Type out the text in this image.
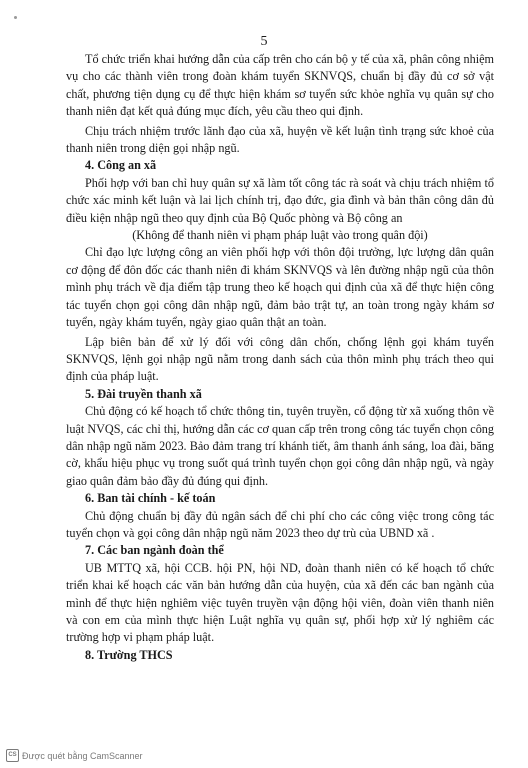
5

Tổ chức triển khai hướng dẫn của cấp trên cho cán bộ y tế của xã, phân công nhiệm vụ cho các thành viên trong đoàn khám tuyển SKNVQS, chuẩn bị đầy đủ cơ sở vật chất, phương tiện dụng cụ để thực hiện khám sơ tuyển sức khỏe nghĩa vụ quân sự cho thanh niên đạt kết quả đúng mục đích, yêu cầu theo qui định.

Chịu trách nhiệm trước lãnh đạo của xã, huyện về kết luận tình trạng sức khoẻ của thanh niên trong diện gọi nhập ngũ.

4. Công an xã

Phối hợp với ban chỉ huy quân sự xã làm tốt công tác rà soát và chịu trách nhiệm tổ chức xác minh kết luận và lai lịch chính trị, đạo đức, gia đình và bản thân công dân đủ điều kiện nhập ngũ theo quy định của Bộ Quốc phòng và Bộ công an

(Không để thanh niên vi phạm pháp luật vào trong quân đội)

Chỉ đạo lực lượng công an viên phối hợp với thôn đội trưởng, lực lượng dân quân cơ động để đôn đốc các thanh niên đi khám SKNVQS và lên đường nhập ngũ của thôn mình phụ trách về địa điểm tập trung theo kế hoạch qui định của xã để thực hiện công tác tuyển chọn gọi công dân nhập ngũ, đảm bảo trật tự, an toàn trong ngày khám sơ tuyển, ngày khám tuyển, ngày giao quân thật an toàn.

Lập biên bản để xử lý đối với công dân chốn, chống lệnh gọi khám tuyển SKNVQS, lệnh gọi nhập ngũ nằm trong danh sách của thôn mình phụ trách theo qui định của pháp luật.

5. Đài truyền thanh xã

Chủ động có kế hoạch tổ chức thông tin, tuyên truyền, cổ động từ xã xuống thôn về luật NVQS, các chỉ thị, hướng dẫn các cơ quan cấp trên trong công tác tuyển chọn công dân nhập ngũ năm 2023. Bảo đảm trang trí khánh tiết, âm thanh ánh sáng, loa đài, băng cờ, khẩu hiệu phục vụ trong suốt quá trình tuyển chọn gọi công dân nhập ngũ, và ngày giao quân đảm bảo đầy đủ đúng qui định.

6. Ban tài chính - kế toán

Chủ động chuẩn bị đầy đủ ngân sách để chi phí cho các công việc trong công tác tuyển chọn và gọi công dân nhập ngũ năm 2023 theo dự trù của UBND xã .

7. Các ban ngành đoàn thể

UB MTTQ xã, hội CCB. hội PN, hội ND, đoàn thanh niên có kế hoạch tổ chức triển khai kế hoạch các văn bản hướng dẫn của huyện, của xã đến các ban ngành của mình để thực hiện nghiêm việc tuyên truyền vận động hội viên, đoàn viên thanh niên và con em của mình thực hiện Luật nghĩa vụ quân sự, phối hợp xử lý nghiêm các trường hợp vi phạm pháp luật.

8. Trường THCS

CS Được quét bằng CamScanner
